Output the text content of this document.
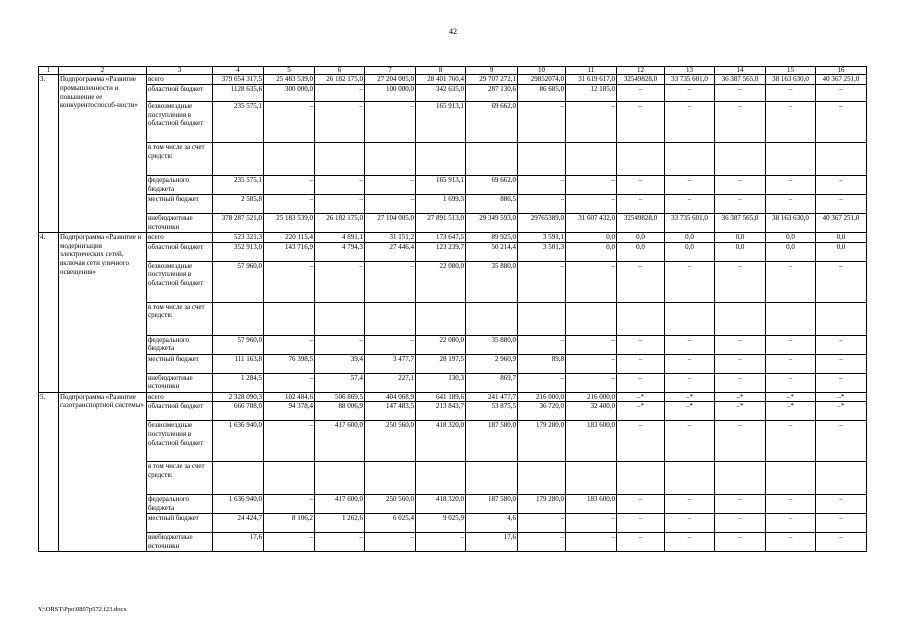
42
1	2	3	4	5	6	7	8	9	10	11	12	13	14	15	16
3.	Подпрограмма «Развитие промышленности и повышение ее конкурентоспособ-ности»	всего	379 654 317,5	25 483 539,0	26 182 175,0	27 204 005,0	28 401 760,4	29 707 272,1	29852074,0	31 619 617,0	32549828,0	33 735 601,0	36 387 565,0	38 163 630,0	40 367 251,0
		областной бюджет	1128 635,6	300 000,0	–	100 000,0	342 635,0	287 130,6	86 685,0	12 185,0	–	–	–	–	–
		безвозмездные поступления в областной бюджет	235 575,1	–	–	–	165 913,1	69 662,0	–	–	–	–	–	–	–
		в том числе за счет средств:													
		федерального бюджета	235 575,1	–	–	–	165 913,1	69 662,0	–	–	–	–	–	–	–
		местный бюджет	2 585,8	–	–	–	1 699,3	886,5	–	–	–	–	–	–	–
		внебюджетные источники	378 287 521,0	25 183 539,0	26 182 175,0	27 104 005,0	27 891 513,0	29 349 593,0	29765389,0	31 607 432,0	32549828,0	33 735 601,0	36 387 565,0	38 163 630,0	40 367 251,0
4.	Подпрограмма «Развитие и модернизация электрических сетей, включая сети уличного освещения»	всего	523 321,3	220 115,4	4 891,1	31 151,2	173 647,5	89 925,0	3 591,1	0,0	0,0	0,0	0,0	0,0	0,0
		областной бюджет	352 913,0	143 716,9	4 794,3	27 446,4	123 239,7	50 214,4	3 501,3	0,0	0,0	0,0	0,0	0,0	0,0
		безвозмездные поступления в областной бюджет	57 960,0	–	–	–	22 080,0	35 880,0	–	–	–	–	–	–	–
		в том числе за счет средств:													
		федерального бюджета	57 960,0	–	–	–	22 080,0	35 880,0	–	–	–	–	–	–	–
		местный бюджет	111 163,8	76 398,5	39,4	3 477,7	28 197,5	2 960,9	89,8	–	–	–	–	–	–
		внебюджетные источники	1 284,5	–	57,4	227,1	130,3	869,7	–	–	–	–	–	–	–
5.	Подпрограмма «Развитие газотранспортной системы»	всего	2 328 090,3	102 484,6	506 869,5	404 068,9	641 189,6	241 477,7	216 000,0	216 000,0	–*	–*	–*	–*	–*
		областной бюджет	666 708,0	94 378,4	88 006,9	147 483,5	213 843,7	53 875,5	36 720,0	32 400,0	–*	–*	–*	–*	–*
		безвозмездные поступления в областной бюджет	1 636 940,0	–	417 600,0	250 560,0	418 320,0	187 580,0	179 280,0	183 600,0	–	–	–	–	–
		в том числе за счет средств:													
		федерального бюджета	1 636 940,0	–	417 600,0	250 560,0	418 320,0	187 580,0	179 280,0	183 600,0	–	–	–	–	–
		местный бюджет	24 424,7	8 106,2	1 262,6	6 025,4	9 025,9	4,6	–	–	–	–	–	–	–
		внебюджетные источники	17,6	–	–	–	–	17,6	–	–	–	–	–	–	–
Y:\ORST\Ppo\0807p572.f23.docx
